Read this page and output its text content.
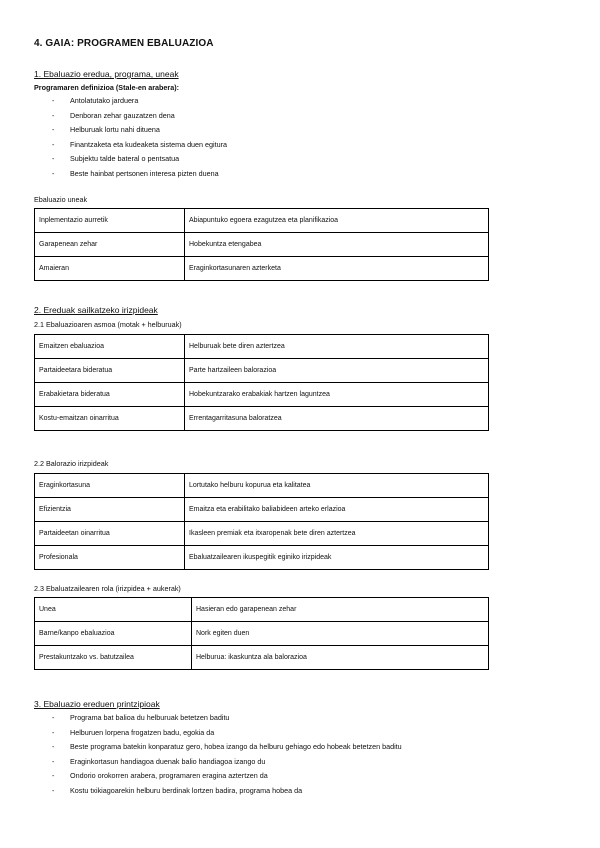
4. GAIA: PROGRAMEN EBALUAZIOA
1. Ebaluazio eredua, programa, uneak
Programaren definizioa (Stale-en arabera):
- Antolatutako jarduera
- Denboran zehar gauzatzen dena
- Helburuak lortu nahi dituena
- Finantzaketa eta kudeaketa sistema duen egitura
- Subjektu talde bateral o pentsatua
- Beste hainbat pertsonen interesa pizten duena
Ebaluazio uneak
Inplementazio aurretik	Abiapuntuko egoera ezagutzea eta planifikazioa
Garapenean zehar	Hobekuntza etengabea
Amaieran	Eraginkortasunaren azterketa
2. Ereduak sailkatzeko irizpideak
2.1 Ebaluazioaren asmoa (motak + helburuak)
Emaitzen ebaluazioa	Helburuak bete diren aztertzea
Partaideetara bideratua	Parte hartzaileen balorazioa
Erabakietara bideratua	Hobekuntzarako erabakiak hartzen laguntzea
Kostu-emaitzan oinarritua	Errentagarritasuna baloratzea
2.2 Balorazio irizpideak
Eraginkortasuna	Lortutako helburu kopurua eta kalitatea
Efizientzia	Emaitza eta erabilitako baliabideen arteko erlazioa
Partaideetan oinarritua	Ikasleen premiak eta itxaropenak bete diren aztertzea
Profesionala	Ebaluatzailearen ikuspegitik eginiko irizpideak
2.3 Ebaluatzailearen rola (irizpidea + aukerak)
Unea	Hasieran edo garapenean zehar
Barne/kanpo ebaluazioa	Nork egiten duen
Prestakuntzako vs. batutzailea	Helburua: ikaskuntza ala balorazioa
3. Ebaluazio ereduen printzipioak
- Programa bat balioa du helburuak betetzen baditu
- Helburuen lorpena frogatzen badu, egokia da
- Beste programa batekin konparatuz gero, hobea izango da helburu gehiago edo hobeak betetzen baditu
- Eraginkortasun handiagoa duenak balio handiagoa izango du
- Ondorio orokorren arabera, programaren eragina aztertzen da
- Kostu txikiagoarekin helburu berdinak lortzen badira, programa hobea da
